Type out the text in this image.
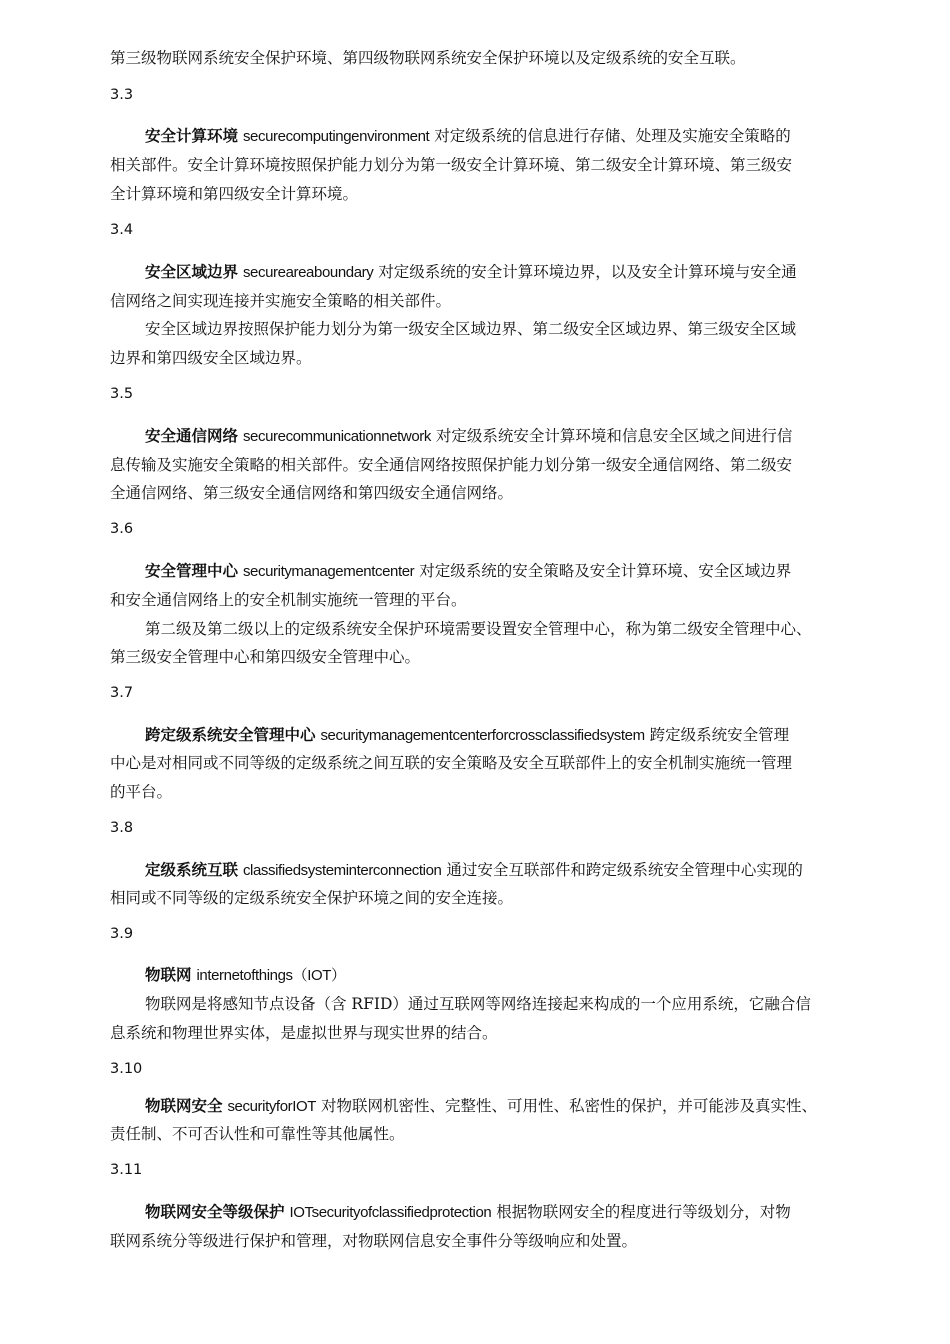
第三级物联网系统安全保护环境、第四级物联网系统安全保护环境以及定级系统的安全互联。
3.3
安全计算环境 securecomputingenvironment 对定级系统的信息进行存储、处理及实施安全策略的
相关部件。安全计算环境按照保护能力划分为第一级安全计算环境、第二级安全计算环境、第三级安
全计算环境和第四级安全计算环境。
3.4
安全区域边界 secureareaboundary 对定级系统的安全计算环境边界，以及安全计算环境与安全通
信网络之间实现连接并实施安全策略的相关部件。
安全区域边界按照保护能力划分为第一级安全区域边界、第二级安全区域边界、第三级安全区域
边界和第四级安全区域边界。
3.5
安全通信网络 securecommunicationnetwork 对定级系统安全计算环境和信息安全区域之间进行信
息传输及实施安全策略的相关部件。安全通信网络按照保护能力划分第一级安全通信网络、第二级安
全通信网络、第三级安全通信网络和第四级安全通信网络。
3.6
安全管理中心 securitymanagementcenter 对定级系统的安全策略及安全计算环境、安全区域边界
和安全通信网络上的安全机制实施统一管理的平台。
第二级及第二级以上的定级系统安全保护环境需要设置安全管理中心，称为第二级安全管理中心、
第三级安全管理中心和第四级安全管理中心。
3.7
跨定级系统安全管理中心 securitymanagementcenterforcrossclassifiedsystem 跨定级系统安全管理
中心是对相同或不同等级的定级系统之间互联的安全策略及安全互联部件上的安全机制实施统一管理
的平台。
3.8
定级系统互联 classifiedsysteminterconnection 通过安全互联部件和跨定级系统安全管理中心实现的
相同或不同等级的定级系统安全保护环境之间的安全连接。
3.9
物联网 internetofthings（IOT）
物联网是将感知节点设备（含 RFID）通过互联网等网络连接起来构成的一个应用系统，它融合信
息系统和物理世界实体，是虚拟世界与现实世界的结合。
3.10
物联网安全 securityforIOT 对物联网机密性、完整性、可用性、私密性的保护，并可能涉及真实性、
责任制、不可否认性和可靠性等其他属性。
3.11
物联网安全等级保护 IOTsecurityofclassifiedprotection 根据物联网安全的程度进行等级划分，对物
联网系统分等级进行保护和管理，对物联网信息安全事件分等级响应和处置。
